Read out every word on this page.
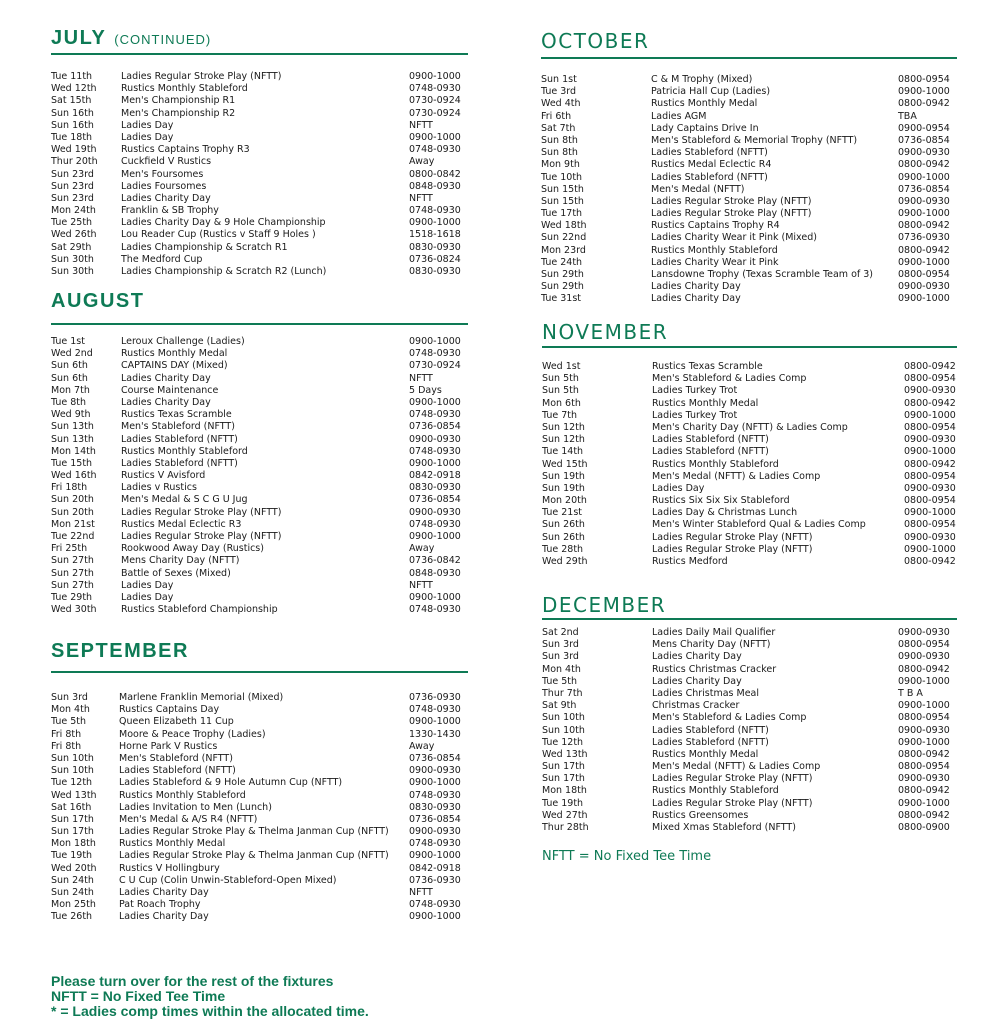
JULY (CONTINUED)
Tue 11th	Ladies Regular Stroke Play (NFTT)	0900-1000
Wed 12th	Rustics Monthly Stableford	0748-0930
Sat 15th	Men's Championship R1	0730-0924
Sun 16th	Men's Championship R2	0730-0924
Sun 16th	Ladies Day	NFTT
Tue 18th	Ladies Day	0900-1000
Wed 19th	Rustics Captains Trophy R3	0748-0930
Thur 20th Cuckfield V Rustics	Away
Sun 23rd	Men's Foursomes	0800-0842
Sun 23rd	Ladies Foursomes	0848-0930
Sun 23rd	Ladies Charity Day	NFTT
Mon 24th	Franklin & SB Trophy	0748-0930
Tue 25th	Ladies Charity Day & 9 Hole Championship	0900-1000
Wed 26th	Lou Reader Cup (Rustics v Staff 9 Holes )	1518-1618
Sat 29th	Ladies Championship & Scratch R1	0830-0930
Sun 30th	The Medford Cup	0736-0824
Sun 30th	Ladies Championship & Scratch R2 (Lunch)	0830-0930
AUGUST
Tue 1st	Leroux Challenge (Ladies)	0900-1000
Wed 2nd	Rustics Monthly Medal	0748-0930
Sun 6th	CAPTAINS DAY (Mixed)	0730-0924
Sun 6th	Ladies Charity Day	NFTT
Mon 7th	Course Maintenance	5 Days
Tue 8th	Ladies Charity Day	0900-1000
Wed 9th	Rustics Texas Scramble	0748-0930
Sun 13th	Men's Stableford (NFTT)	0736-0854
Sun 13th	Ladies Stableford (NFTT)	0900-0930
Mon 14th	Rustics Monthly Stableford	0748-0930
Tue 15th	Ladies Stableford (NFTT)	0900-1000
Wed 16th	Rustics V Avisford	0842-0918
Fri 18th	Ladies v Rustics	0830-0930
Sun 20th	Men's Medal & S C G U Jug	0736-0854
Sun 20th	Ladies Regular Stroke Play (NFTT)	0900-0930
Mon 21st	Rustics Medal Eclectic R3	0748-0930
Tue 22nd	Ladies Regular Stroke Play (NFTT)	0900-1000
Fri 25th	Rookwood Away Day (Rustics)	Away
Sun 27th	Mens Charity Day (NFTT)	0736-0842
Sun 27th	Battle of Sexes (Mixed)	0848-0930
Sun 27th	Ladies Day	NFTT
Tue 29th	Ladies Day	0900-1000
Wed 30th	Rustics Stableford Championship	0748-0930
SEPTEMBER
Sun 3rd	Marlene Franklin Memorial (Mixed)	0736-0930
Mon 4th	Rustics Captains Day	0748-0930
Tue 5th	Queen Elizabeth 11 Cup	0900-1000
Fri 8th	Moore & Peace Trophy (Ladies)	1330-1430
Fri 8th	Horne Park V Rustics	Away
Sun 10th	Men's Stableford (NFTT)	0736-0854
Sun 10th	Ladies Stableford (NFTT)	0900-0930
Tue 12th	Ladies Stableford & 9 Hole Autumn Cup (NFTT)	0900-1000
Wed 13th Rustics Monthly Stableford	0748-0930
Sat 16th	Ladies Invitation to Men (Lunch)	0830-0930
Sun 17th	Men's Medal & A/S R4 (NFTT)	0736-0854
Sun 17th	Ladies Regular Stroke Play & Thelma Janman Cup (NFTT) 0900-0930
Mon 18th Rustics Monthly Medal	0748-0930
Tue 19th	Ladies Regular Stroke Play & Thelma Janman Cup (NFTT) 0900-1000
Wed 20th Rustics V Hollingbury	0842-0918
Sun 24th	C U Cup (Colin Unwin-Stableford-Open Mixed)	0736-0930
Sun 24th	Ladies Charity Day	NFTT
Mon 25th Pat Roach Trophy	0748-0930
Tue 26th	Ladies Charity Day	0900-1000
OCTOBER
Sun 1st	C & M Trophy (Mixed)	0800-0954
Tue 3rd	Patricia Hall Cup (Ladies)	0900-1000
Wed 4th	Rustics Monthly Medal	0800-0942
Fri 6th	Ladies AGM	TBA
Sat 7th	Lady Captains Drive In	0900-0954
Sun 8th	Men's Stableford & Memorial Trophy (NFTT)	0736-0854
Sun 8th	Ladies Stableford (NFTT)	0900-0930
Mon 9th	Rustics Medal Eclectic R4	0800-0942
Tue 10th	Ladies Stableford (NFTT)	0900-1000
Sun 15th	Men's Medal (NFTT)	0736-0854
Sun 15th	Ladies Regular Stroke Play (NFTT)	0900-0930
Tue 17th	Ladies Regular Stroke Play (NFTT)	0900-1000
Wed 18th	Rustics Captains Trophy R4	0800-0942
Sun 22nd	Ladies Charity Wear it Pink (Mixed)	0736-0930
Mon 23rd	Rustics Monthly Stableford	0800-0942
Tue 24th	Ladies Charity Wear it Pink	0900-1000
Sun 29th	Lansdowne Trophy (Texas Scramble Team of 3)	0800-0954
Sun 29th	Ladies Charity Day	0900-0930
Tue 31st	Ladies Charity Day	0900-1000
NOVEMBER
Wed 1st	Rustics Texas Scramble	0800-0942
Sun 5th	Men's Stableford & Ladies Comp	0800-0954
Sun 5th	Ladies Turkey Trot	0900-0930
Mon 6th	Rustics Monthly Medal	0800-0942
Tue 7th	Ladies Turkey Trot	0900-1000
Sun 12th	Men's Charity Day (NFTT) & Ladies Comp	0800-0954
Sun 12th	Ladies Stableford (NFTT)	0900-0930
Tue 14th	Ladies Stableford (NFTT)	0900-1000
Wed 15th	Rustics Monthly Stableford	0800-0942
Sun 19th	Men's Medal (NFTT) & Ladies Comp	0800-0954
Sun 19th	Ladies Day	0900-0930
Mon 20th	Rustics Six Six Six Stableford	0800-0954
Tue 21st	Ladies Day & Christmas Lunch	0900-1000
Sun 26th	Men's Winter Stableford Qual & Ladies Comp	0800-0954
Sun 26th	Ladies Regular Stroke Play (NFTT)	0900-0930
Tue 28th	Ladies Regular Stroke Play (NFTT)	0900-1000
Wed 29th	Rustics Medford	0800-0942
DECEMBER
Sat 2nd	Ladies Daily Mail Qualifier	0900-0930
Sun 3rd	Mens Charity Day (NFTT)	0800-0954
Sun 3rd	Ladies Charity Day	0900-0930
Mon 4th	Rustics Christmas Cracker	0800-0942
Tue 5th	Ladies Charity Day	0900-1000
Thur 7th	Ladies Christmas Meal	T B A
Sat 9th	Christmas Cracker	0900-1000
Sun 10th	Men's Stableford & Ladies Comp	0800-0954
Sun 10th	Ladies Stableford (NFTT)	0900-0930
Tue 12th	Ladies Stableford (NFTT)	0900-1000
Wed 13th	Rustics Monthly Medal	0800-0942
Sun 17th	Men's Medal (NFTT) & Ladies Comp	0800-0954
Sun 17th	Ladies Regular Stroke Play (NFTT)	0900-0930
Mon 18th	Rustics Monthly Stableford	0800-0942
Tue 19th	Ladies Regular Stroke Play (NFTT)	0900-1000
Wed 27th	Rustics Greensomes	0800-0942
Thur 28th	Mixed Xmas Stableford (NFTT)	0800-0900
NFTT = No Fixed Tee Time
Please turn over for the rest of the fixtures
NFTT = No Fixed Tee Time
* = Ladies comp times within the allocated time.
